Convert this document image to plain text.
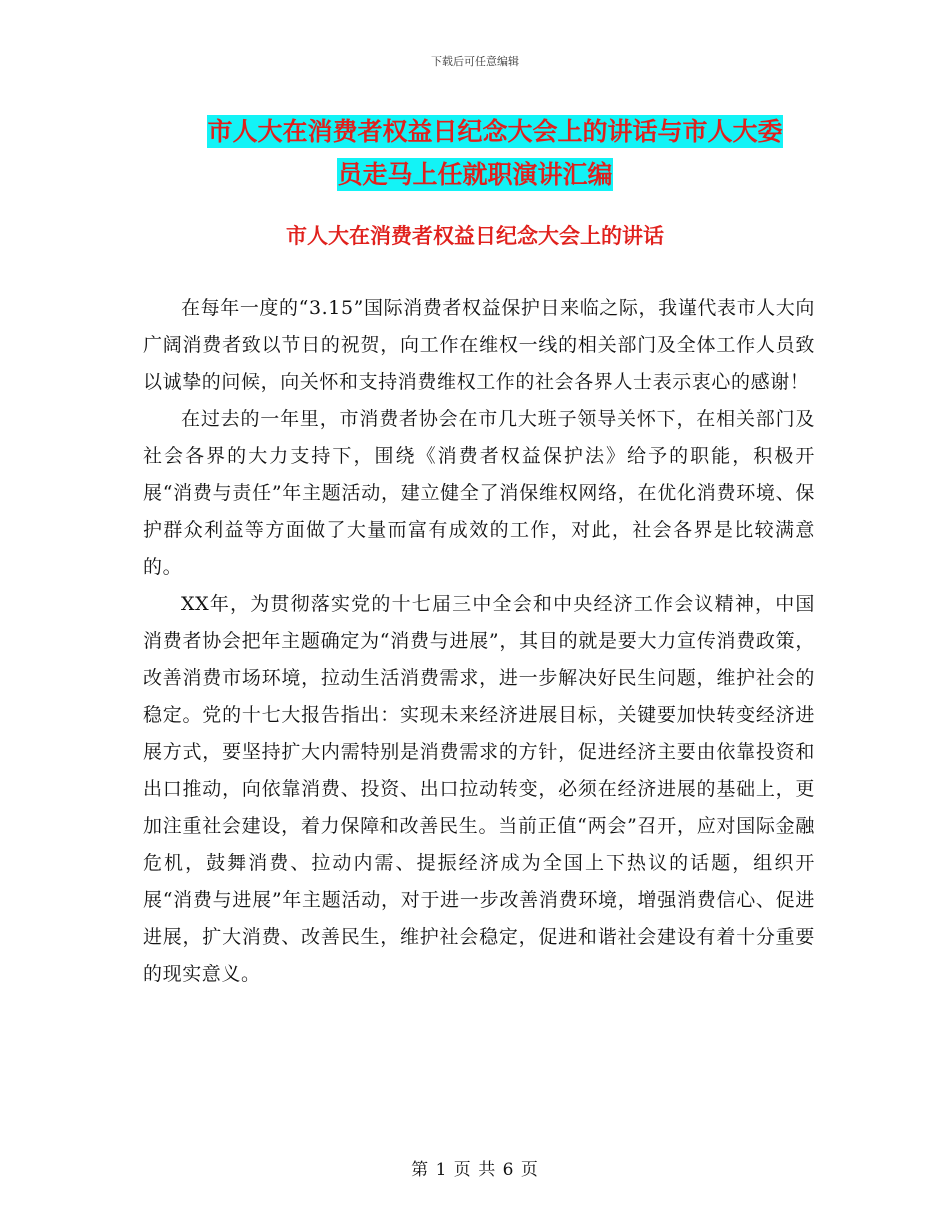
下载后可任意编辑
市人大在消费者权益日纪念大会上的讲话与市人大委
员走马上任就职演讲汇编
市人大在消费者权益日纪念大会上的讲话

在每年一度的“3.15”国际消费者权益保护日来临之际，我谨代表市人大向广阔消费者致以节日的祝贺，向工作在维权一线的相关部门及全体工作人员致以诚挚的问候，向关怀和支持消费维权工作的社会各界人士表示衷心的感谢！

在过去的一年里，市消费者协会在市几大班子领导关怀下，在相关部门及社会各界的大力支持下，围绕《消费者权益保护法》给予的职能，积极开展“消费与责任”年主题活动，建立健全了消保维权网络，在优化消费环境、保护群众利益等方面做了大量而富有成效的工作，对此，社会各界是比较满意的。

XX年，为贯彻落实党的十七届三中全会和中央经济工作会议精神，中国消费者协会把年主题确定为“消费与进展”，其目的就是要大力宣传消费政策，改善消费市场环境，拉动生活消费需求，进一步解决好民生问题，维护社会的稳定。党的十七大报告指出：实现未来经济进展目标，关键要加快转变经济进展方式，要坚持扩大内需特别是消费需求的方针，促进经济主要由依靠投资和出口推动，向依靠消费、投资、出口拉动转变，必须在经济进展的基础上，更加注重社会建设，着力保障和改善民生。当前正值“两会”召开，应对国际金融危机，鼓舞消费、拉动内需、提振经济成为全国上下热议的话题，组织开展“消费与进展”年主题活动，对于进一步改善消费环境，增强消费信心、促进进展，扩大消费、改善民生，维护社会稳定，促进和谐社会建设有着十分重要的现实意义。

第 1 页 共 6 页
